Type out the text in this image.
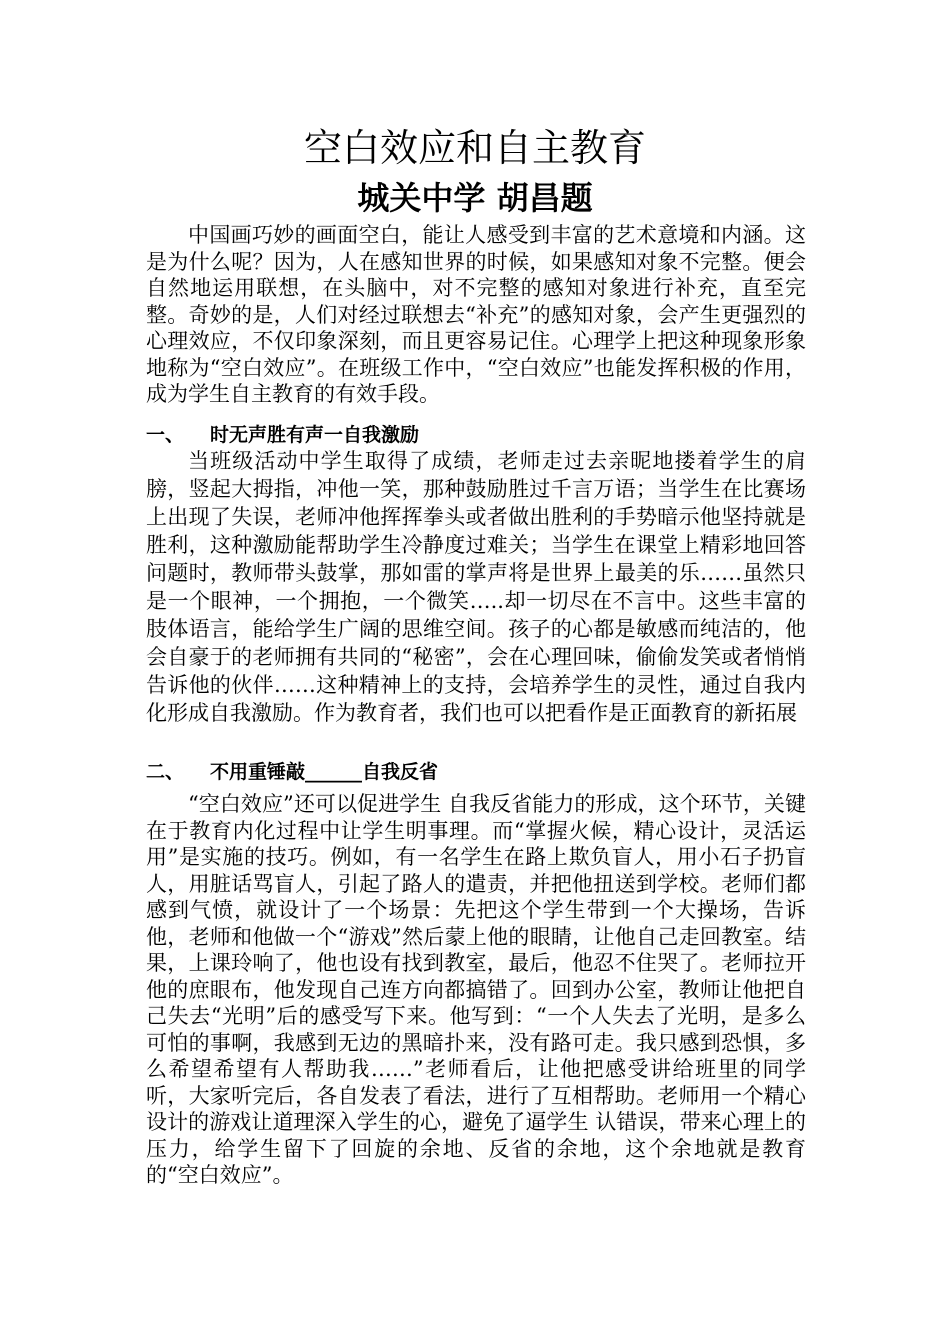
空白效应和自主教育
城关中学 胡昌题

中国画巧妙的画面空白，能让人感受到丰富的艺术意境和内涵。这是为什么呢？因为，人在感知世界的时候，如果感知对象不完整。便会自然地运用联想，在头脑中，对不完整的感知对象进行补充，直至完整。奇妙的是，人们对经过联想去“补充”的感知对象，会产生更强烈的心理效应，不仅印象深刻，而且更容易记住。心理学上把这种现象形象地称为“空白效应”。在班级工作中，“空白效应”也能发挥积极的作用，成为学生自主教育的有效手段。

一、 时无声胜有声一自我激励

当班级活动中学生取得了成绩，老师走过去亲昵地搂着学生的肩膀，竖起大拇指，冲他一笑，那种鼓励胜过千言万语；当学生在比赛场上出现了失误，老师冲他挥挥拳头或者做出胜利的手势暗示他坚持就是胜利，这种激励能帮助学生冷静度过难关；当学生在课堂上精彩地回答问题时，教师带头鼓掌，那如雷的掌声将是世界上最美的乐……虽然只是一个眼神，一个拥抱，一个微笑…..却一切尽在不言中。这些丰富的肢体语言，能给学生广阔的思维空间。孩子的心都是敏感而纯洁的，他会自豪于的老师拥有共同的“秘密”，会在心理回味，偷偷发笑或者悄悄告诉他的伙伴……这种精神上的支持，会培养学生的灵性，通过自我内化形成自我激励。作为教育者，我们也可以把看作是正面教育的新拓展

二、 不用重锤敲______自我反省

“空白效应”还可以促进学生 自我反省能力的形成，这个环节，关键在于教育内化过程中让学生明事理。而“掌握火候，精心设计，灵活运用”是实施的技巧。例如，有一名学生在路上欺负盲人，用小石子扔盲人，用脏话骂盲人，引起了路人的遣责，并把他扭送到学校。老师们都感到气愤，就设计了一个场景：先把这个学生带到一个大操场，告诉他，老师和他做一个“游戏”然后蒙上他的眼睛，让他自己走回教室。结果，上课玲响了，他也设有找到教室，最后，他忍不住哭了。老师拉开他的庶眼布，他发现自己连方向都搞错了。回到办公室，教师让他把自己失去“光明”后的感受写下来。他写到：“一个人失去了光明，是多么可怕的事啊，我感到无边的黑暗扑来，没有路可走。我只感到恐惧，多么希望希望有人帮助我……”老师看后，让他把感受讲给班里的同学听，大家听完后，各自发表了看法，进行了互相帮助。老师用一个精心设计的游戏让道理深入学生的心，避免了逼学生 认错误，带来心理上的压力，给学生留下了回旋的余地、反省的余地，这个余地就是教育的“空白效应”。
